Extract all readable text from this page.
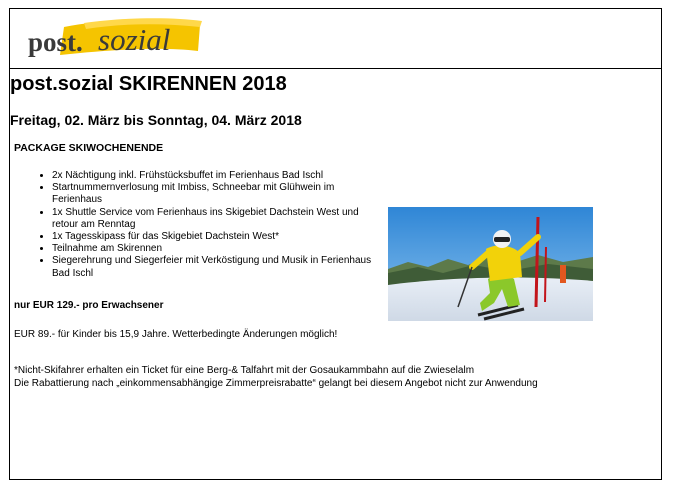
post. sozial
post.sozial SKIRENNEN 2018
Freitag, 02. März bis Sonntag, 04. März 2018
PACKAGE SKIWOCHENENDE
• 2x Nächtigung inkl. Frühstücksbuffet im Ferienhaus Bad Ischl
• Startnummernverlosung mit Imbiss, Schneebar mit Glühwein im Ferienhaus
• 1x Shuttle Service vom Ferienhaus ins Skigebiet Dachstein West und retour am Renntag
• 1x Tagesskipass für das Skigebiet Dachstein West*
• Teilnahme am Skirennen
• Siegerehrung und Siegerfeier mit Verköstigung und Musik in Ferienhaus Bad Ischl
nur EUR 129.- pro Erwachsener
EUR 89.- für Kinder bis 15,9 Jahre. Wetterbedingte Änderungen möglich!
*Nicht-Skifahrer erhalten ein Ticket für eine Berg-& Talfahrt mit der Gosaukammbahn auf die Zwieselalm
Die Rabattierung nach „einkommensabhängige Zimmerpreisrabatte“ gelangt bei diesem Angebot nicht zur Anwendung
